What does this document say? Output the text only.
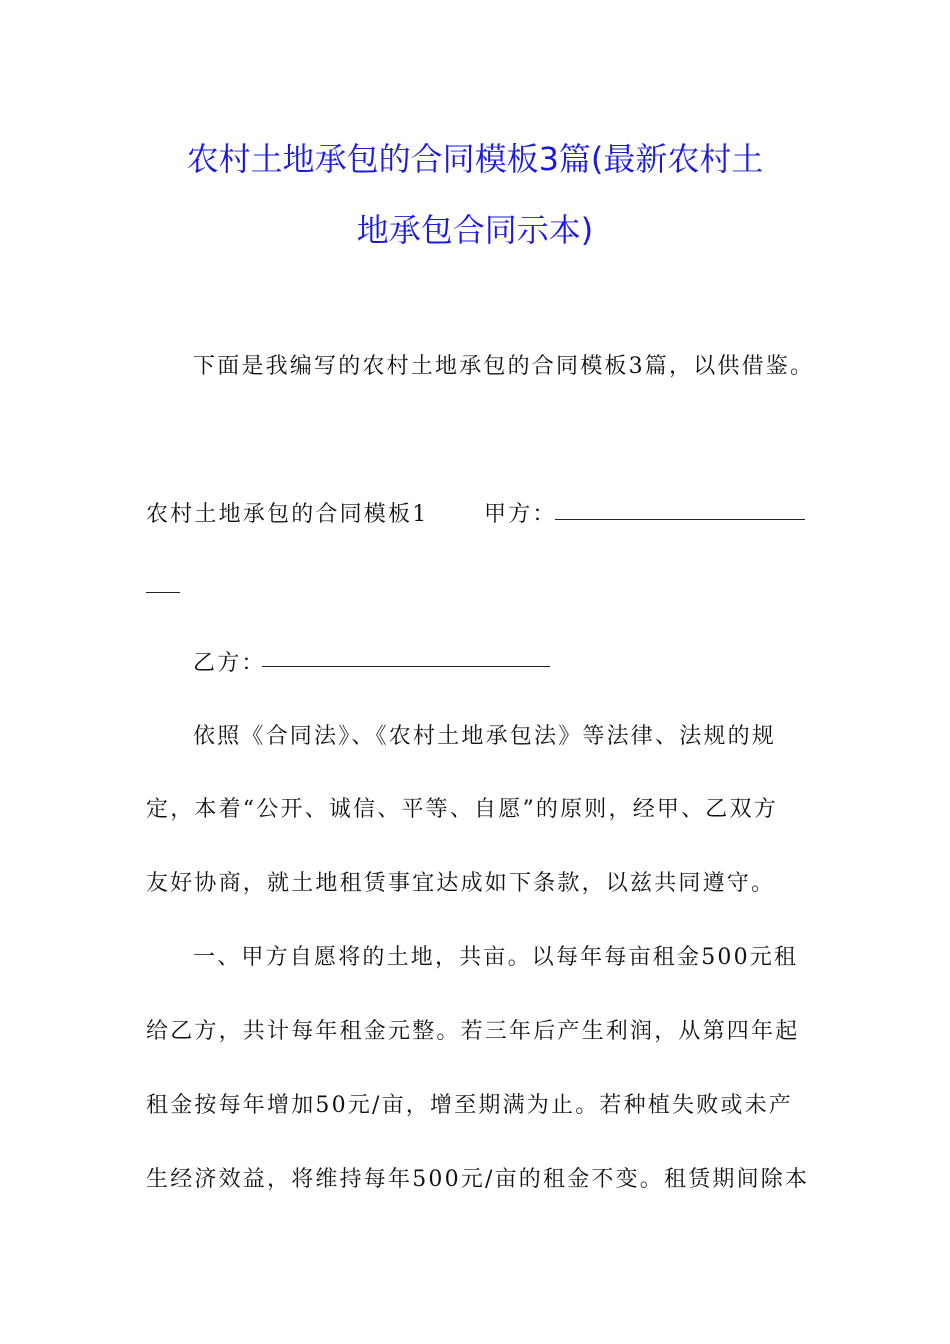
农村土地承包的合同模板3篇(最新农村土
地承包合同示本)
下面是我编写的农村土地承包的合同模板3篇，以供借鉴。
农村土地承包的合同模板1	甲方：
乙方：
依照《合同法》、《农村土地承包法》等法律、法规的规
定，本着“公开、诚信、平等、自愿”的原则，经甲、乙双方
友好协商，就土地租赁事宜达成如下条款，以兹共同遵守。
一、甲方自愿将的土地，共亩。以每年每亩租金500元租
给乙方，共计每年租金元整。若三年后产生利润，从第四年起
租金按每年增加50元/亩，增至期满为止。若种植失败或未产
生经济效益，将维持每年500元/亩的租金不变。租赁期间除本
